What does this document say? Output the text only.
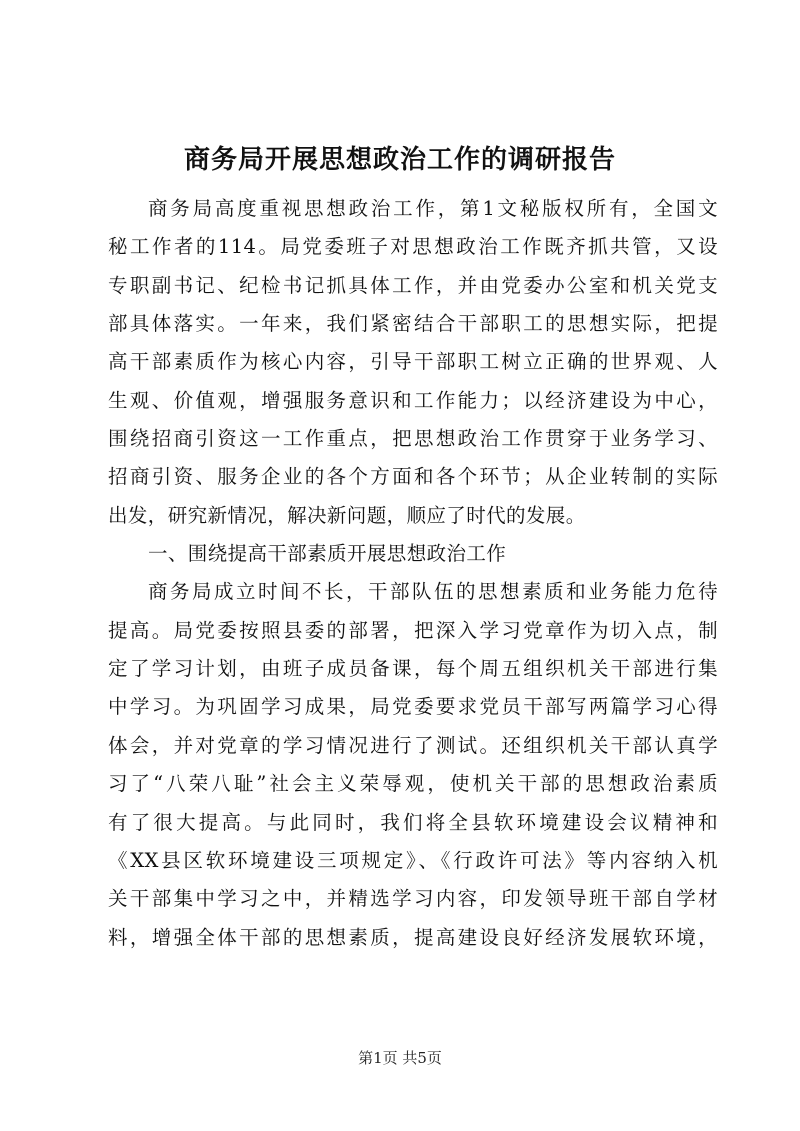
商务局开展思想政治工作的调研报告
商务局高度重视思想政治工作，第1文秘版权所有，全国文
秘工作者的114。局党委班子对思想政治工作既齐抓共管，又设
专职副书记、纪检书记抓具体工作，并由党委办公室和机关党支
部具体落实。一年来，我们紧密结合干部职工的思想实际，把提
高干部素质作为核心内容，引导干部职工树立正确的世界观、人
生观、价值观，增强服务意识和工作能力；以经济建设为中心，
围绕招商引资这一工作重点，把思想政治工作贯穿于业务学习、
招商引资、服务企业的各个方面和各个环节；从企业转制的实际
出发，研究新情况，解决新问题，顺应了时代的发展。
一、围绕提高干部素质开展思想政治工作
商务局成立时间不长，干部队伍的思想素质和业务能力危待
提高。局党委按照县委的部署，把深入学习党章作为切入点，制
定了学习计划，由班子成员备课，每个周五组织机关干部进行集
中学习。为巩固学习成果，局党委要求党员干部写两篇学习心得
体会，并对党章的学习情况进行了测试。还组织机关干部认真学
习了“八荣八耻”社会主义荣辱观，使机关干部的思想政治素质
有了很大提高。与此同时，我们将全县软环境建设会议精神和
《XX县区软环境建设三项规定》、《行政许可法》等内容纳入机
关干部集中学习之中，并精选学习内容，印发领导班干部自学材
料，增强全体干部的思想素质，提高建设良好经济发展软环境，
第1页 共5页
